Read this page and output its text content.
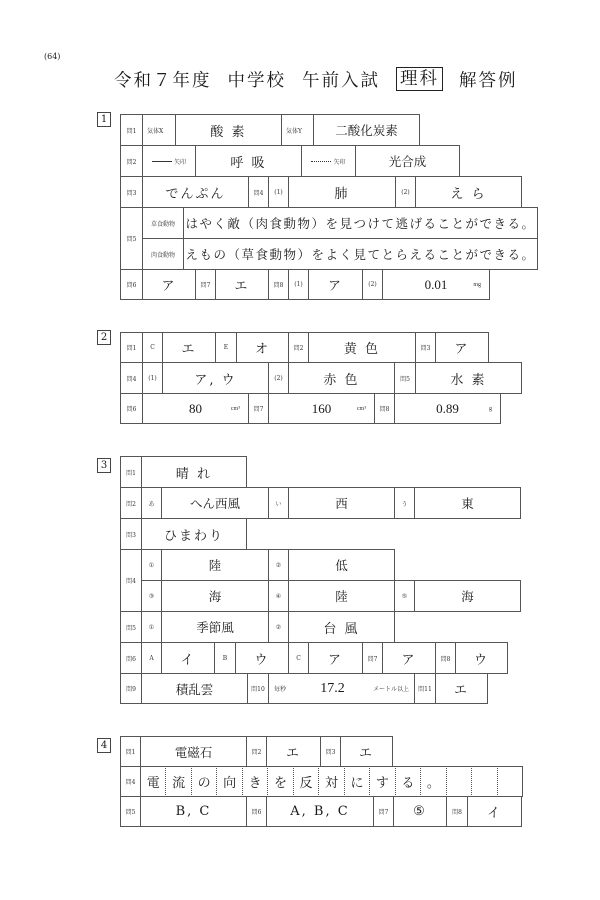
(64)
令和７年度 中学校 午前入試 理科 解答例
1
問1	気体X	酸 素	気体Y	二酸化炭素
問2	矢印	呼 吸	矢印	光合成
問3	でんぷん	問4	(1)	肺	(2)	え ら
問5
草食動物 はやく敵（肉食動物）を見つけて逃げることができる。
肉食動物 えもの（草食動物）をよく見てとらえることができる。
問6	ア	問7	エ	問8	(1)	ア	(2)	0.01	mg
2
問1	C	エ	E	オ	問2	黄 色	問3	ア
問4	(1)	ア, ウ	(2)	赤 色	問5	水 素
問6	80	cm³	問7	160	cm³	問8	0.89	g
3
問1	晴 れ
問2	あ	へん西風	い	西	う	東
問3	ひまわり
問4
①	陸	②	低
③	海	④	陸	⑤	海
問5	①	季節風	②	台 風
問6	A	イ	B	ウ	C	ア	問7	ア	問8	ウ
問9	積乱雲	問10	毎秒 17.2	メートル以上	問11	エ
4
問1	電磁石	問2	エ	問3	エ
問4 電 流 の 向 き を 反 対 に す る 。
問5	B, C	問6	A, B, C	問7	⑤	問8	イ
